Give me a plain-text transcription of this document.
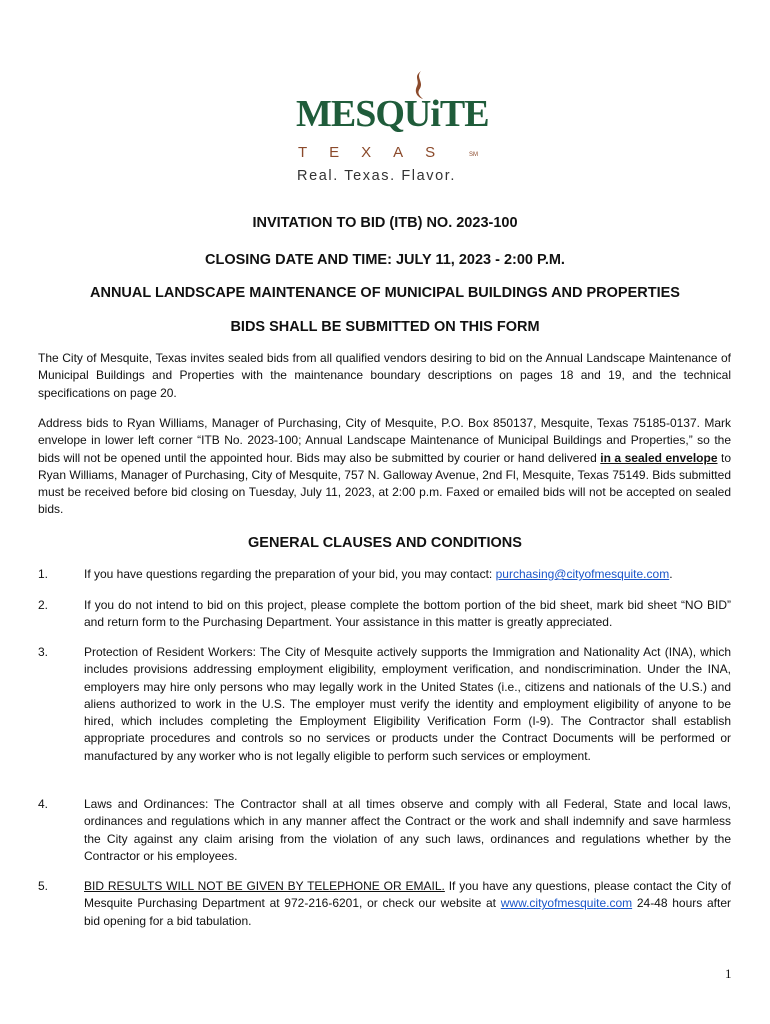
MESQUiTE
TEXAS SM
Real. Texas. Flavor.
INVITATION TO BID (ITB) NO. 2023-100
CLOSING DATE AND TIME: JULY 11, 2023 - 2:00 P.M.
ANNUAL LANDSCAPE MAINTENANCE OF MUNICIPAL BUILDINGS AND PROPERTIES
BIDS SHALL BE SUBMITTED ON THIS FORM
The City of Mesquite, Texas invites sealed bids from all qualified vendors desiring to bid on the Annual Landscape Maintenance of Municipal Buildings and Properties with the maintenance boundary descriptions on pages 18 and 19, and the technical specifications on page 20.
Address bids to Ryan Williams, Manager of Purchasing, City of Mesquite, P.O. Box 850137, Mesquite, Texas 75185-0137. Mark envelope in lower left corner “ITB No. 2023-100; Annual Landscape Maintenance of Municipal Buildings and Properties,” so the bids will not be opened until the appointed hour. Bids may also be submitted by courier or hand delivered in a sealed envelope to Ryan Williams, Manager of Purchasing, City of Mesquite, 757 N. Galloway Avenue, 2nd Fl, Mesquite, Texas 75149. Bids submitted must be received before bid closing on Tuesday, July 11, 2023, at 2:00 p.m. Faxed or emailed bids will not be accepted on sealed bids.
GENERAL CLAUSES AND CONDITIONS
1.	If you have questions regarding the preparation of your bid, you may contact: purchasing@cityofmesquite.com.
2.	If you do not intend to bid on this project, please complete the bottom portion of the bid sheet, mark bid sheet “NO BID” and return form to the Purchasing Department. Your assistance in this matter is greatly appreciated.
3.	Protection of Resident Workers: The City of Mesquite actively supports the Immigration and Nationality Act (INA), which includes provisions addressing employment eligibility, employment verification, and nondiscrimination. Under the INA, employers may hire only persons who may legally work in the United States (i.e., citizens and nationals of the U.S.) and aliens authorized to work in the U.S. The employer must verify the identity and employment eligibility of anyone to be hired, which includes completing the Employment Eligibility Verification Form (I-9). The Contractor shall establish appropriate procedures and controls so no services or products under the Contract Documents will be performed or manufactured by any worker who is not legally eligible to perform such services or employment.
4.	Laws and Ordinances: The Contractor shall at all times observe and comply with all Federal, State and local laws, ordinances and regulations which in any manner affect the Contract or the work and shall indemnify and save harmless the City against any claim arising from the violation of any such laws, ordinances and regulations whether by the Contractor or his employees.
5.	BID RESULTS WILL NOT BE GIVEN BY TELEPHONE OR EMAIL. If you have any questions, please contact the City of Mesquite Purchasing Department at 972-216-6201, or check our website at www.cityofmesquite.com 24-48 hours after bid opening for a bid tabulation.
1
